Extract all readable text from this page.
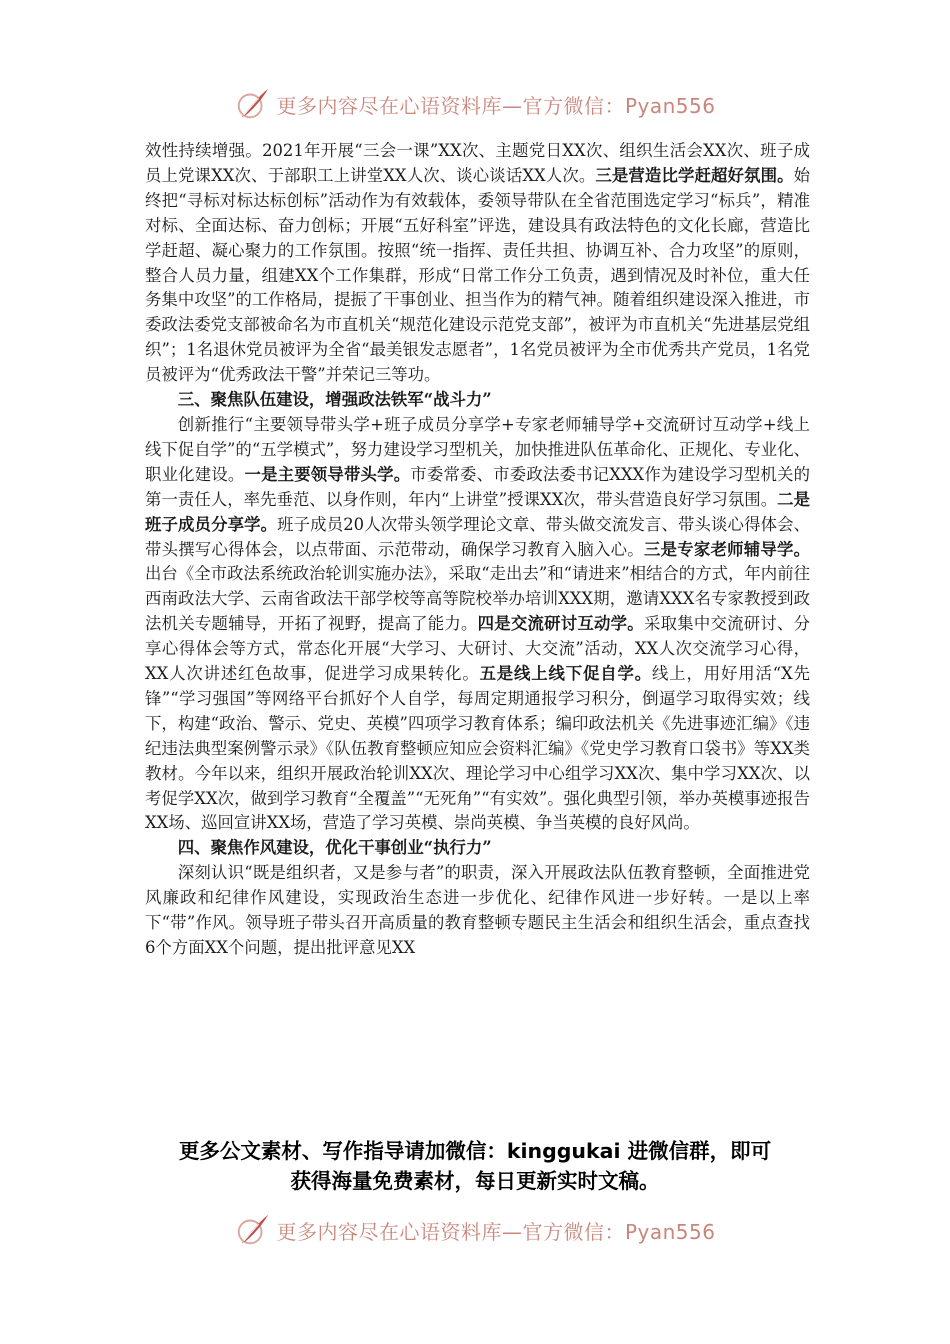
更多内容尽在心语资料库—官方微信：Pyan556

效性持续增强。2021年开展“三会一课”XX次、主题党日XX次、组织生活会XX次、班子成员上党课XX次、于部职工上讲堂XX人次、谈心谈话XX人次。三是营造比学赶超好氛围。始终把“寻标对标达标创标”活动作为有效载体，委领导带队在全省范围选定学习“标兵”，精准对标、全面达标、奋力创标；开展“五好科室”评选，建设具有政法特色的文化长廊，营造比学赶超、凝心聚力的工作氛围。按照“统一指挥、责任共担、协调互补、合力攻坚”的原则，整合人员力量，组建XX个工作集群，形成“日常工作分工负责，遇到情况及时补位，重大任务集中攻坚”的工作格局，提振了干事创业、担当作为的精气神。随着组织建设深入推进，市委政法委党支部被命名为市直机关“规范化建设示范党支部”，被评为市直机关“先进基层党组织”；1名退休党员被评为全省“最美银发志愿者”，1名党员被评为全市优秀共产党员，1名党员被评为“优秀政法干警”并荣记三等功。

三、聚焦队伍建设，增强政法铁军“战斗力”

创新推行“主要领导带头学+班子成员分享学+专家老师辅导学+交流研讨互动学+线上线下促自学”的“五学模式”，努力建设学习型机关，加快推进队伍革命化、正规化、专业化、职业化建设。一是主要领导带头学。市委常委、市委政法委书记XXX作为建设学习型机关的第一责任人，率先垂范、以身作则，年内“上讲堂”授课XX次，带头营造良好学习氛围。二是班子成员分享学。班子成员20人次带头领学理论文章、带头做交流发言、带头谈心得体会、带头撰写心得体会，以点带面、示范带动，确保学习教育入脑入心。三是专家老师辅导学。出台《全市政法系统政治轮训实施办法》，采取“走出去”和“请进来”相结合的方式，年内前往西南政法大学、云南省政法干部学校等高等院校举办培训XXX期，邀请XXX名专家教授到政法机关专题辅导，开拓了视野，提高了能力。四是交流研讨互动学。采取集中交流研讨、分享心得体会等方式，常态化开展“大学习、大研讨、大交流”活动，XX人次交流学习心得，XX人次讲述红色故事，促进学习成果转化。五是线上线下促自学。线上，用好用活“X先锋”“学习强国”等网络平台抓好个人自学，每周定期通报学习积分，倒逼学习取得实效；线下，构建“政治、警示、党史、英模”四项学习教育体系；编印政法机关《先进事迹汇编》《违纪违法典型案例警示录》《队伍教育整顿应知应会资料汇编》《党史学习教育口袋书》等XX类教材。今年以来，组织开展政治轮训XX次、理论学习中心组学习XX次、集中学习XX次、以考促学XX次，做到学习教育“全覆盖”“无死角”“有实效”。强化典型引领，举办英模事迹报告XX场、巡回宣讲XX场，营造了学习英模、崇尚英模、争当英模的良好风尚。

四、聚焦作风建设，优化干事创业“执行力”

深刻认识“既是组织者，又是参与者”的职责，深入开展政法队伍教育整顿，全面推进党风廉政和纪律作风建设，实现政治生态进一步优化、纪律作风进一步好转。一是以上率下“带”作风。领导班子带头召开高质量的教育整顿专题民主生活会和组织生活会，重点查找6个方面XX个问题，提出批评意见XX

更多公文素材、写作指导请加微信：kinggukai 进微信群，即可
获得海量免费素材，每日更新实时文稿。
更多内容尽在心语资料库—官方微信：Pyan556
